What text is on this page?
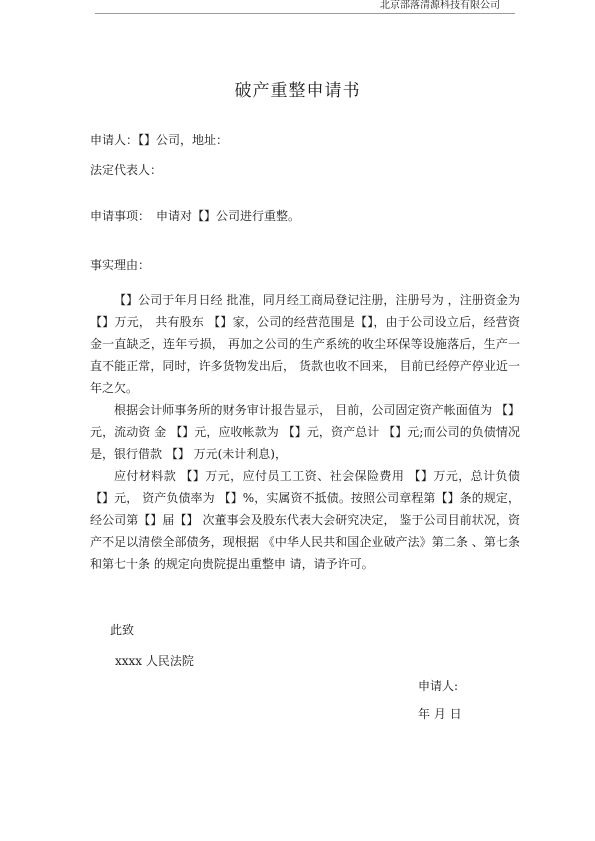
北京部落清源科技有限公司
破产重整申请书
申请人：【】公司，地址：
法定代表人：
申请事项：　申请对【】公司进行重整。
事实理由：

【】公司于年月日经 批准，同月经工商局登记注册，注册号为 ，注册资金为【】万元， 共有股东 【】家，公司的经营范围是【】，由于公司设立后，经营资金一直缺乏，连年亏损， 再加之公司的生产系统的收尘环保等设施落后，生产一直不能正常，同时，许多货物发出后， 货款也收不回来， 目前已经停产停业近一年之欠。

根据会计师事务所的财务审计报告显示， 目前，公司固定资产帐面值为 【】元，流动资 金 【】元，应收帐款为 【】元，资产总计 【】元;而公司的负债情况是，银行借款 【】 万元(未计利息)，

应付材料款 【】万元，应付员工工资、社会保险费用 【】万元，总计负债 【】元， 资产负债率为 【】%，实属资不抵债。按照公司章程第【】条的规定，经公司第【】届【】 次董事会及股东代表大会研究决定， 鉴于公司目前状况，资产不足以清偿全部债务，现根据 《中华人民共和国企业破产法》第二条 、第七条 和第七十条 的规定向贵院提出重整申 请，请予许可。

此致
xxxx 人民法院
申请人:
年 月 日
